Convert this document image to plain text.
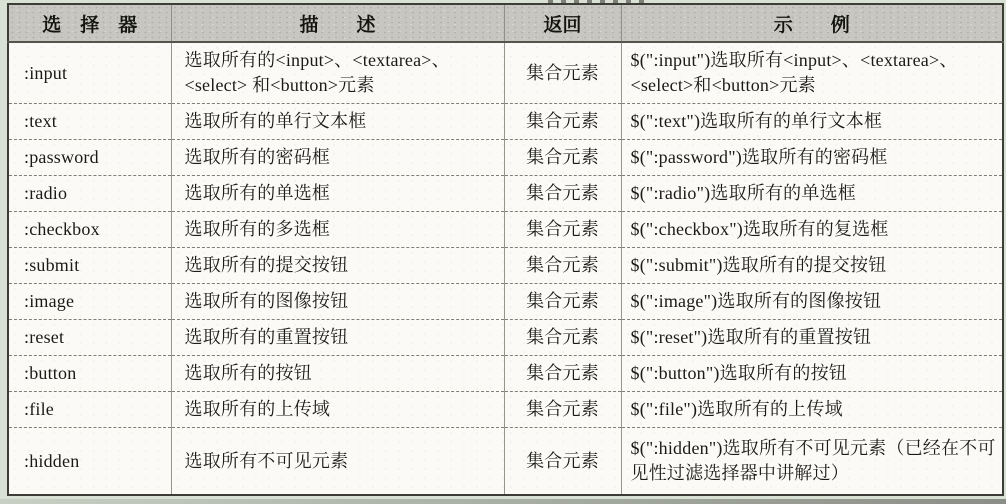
选　择　器	描　　述	返回	示　　例
:input	选取所有的<input>、<textarea>、<select> 和<button>元素	集合元素	$(":input")选取所有<input>、<textarea>、<select>和<button>元素
:text	选取所有的单行文本框	集合元素	$(":text")选取所有的单行文本框
:password	选取所有的密码框	集合元素	$(":password")选取所有的密码框
:radio	选取所有的单选框	集合元素	$(":radio")选取所有的单选框
:checkbox	选取所有的多选框	集合元素	$(":checkbox")选取所有的复选框
:submit	选取所有的提交按钮	集合元素	$(":submit")选取所有的提交按钮
:image	选取所有的图像按钮	集合元素	$(":image")选取所有的图像按钮
:reset	选取所有的重置按钮	集合元素	$(":reset")选取所有的重置按钮
:button	选取所有的按钮	集合元素	$(":button")选取所有的按钮
:file	选取所有的上传域	集合元素	$(":file")选取所有的上传域
:hidden	选取所有不可见元素	集合元素	$(":hidden")选取所有不可见元素（已经在不可见性过滤选择器中讲解过）
